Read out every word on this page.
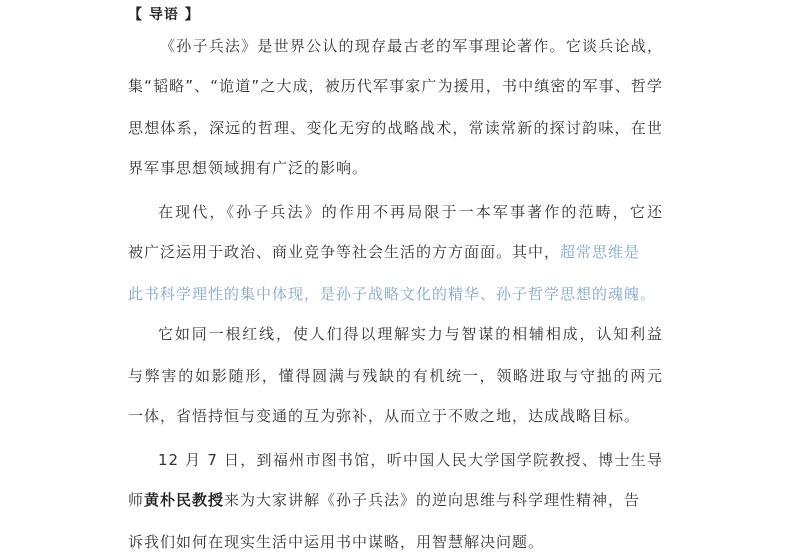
【 导语 】
《孙子兵法》是世界公认的现存最古老的军事理论著作。它谈兵论战，
集“韬略”、“诡道”之大成，被历代军事家广为援用，书中缜密的军事、哲学
思想体系，深远的哲理、变化无穷的战略战术，常读常新的探讨韵味，在世
界军事思想领域拥有广泛的影响。
在现代，《孙子兵法》的作用不再局限于一本军事著作的范畴，它还
被广泛运用于政治、商业竞争等社会生活的方方面面。其中，超常思维是
此书科学理性的集中体现，是孙子战略文化的精华、孙子哲学思想的魂魄。
它如同一根红线，使人们得以理解实力与智谋的相辅相成，认知利益
与弊害的如影随形，懂得圆满与残缺的有机统一，领略进取与守拙的两元
一体，省悟持恒与变通的互为弥补，从而立于不败之地，达成战略目标。
12 月 7 日，到福州市图书馆，听中国人民大学国学院教授、博士生导
师黄朴民教授来为大家讲解《孙子兵法》的逆向思维与科学理性精神，告
诉我们如何在现实生活中运用书中谋略，用智慧解决问题。
